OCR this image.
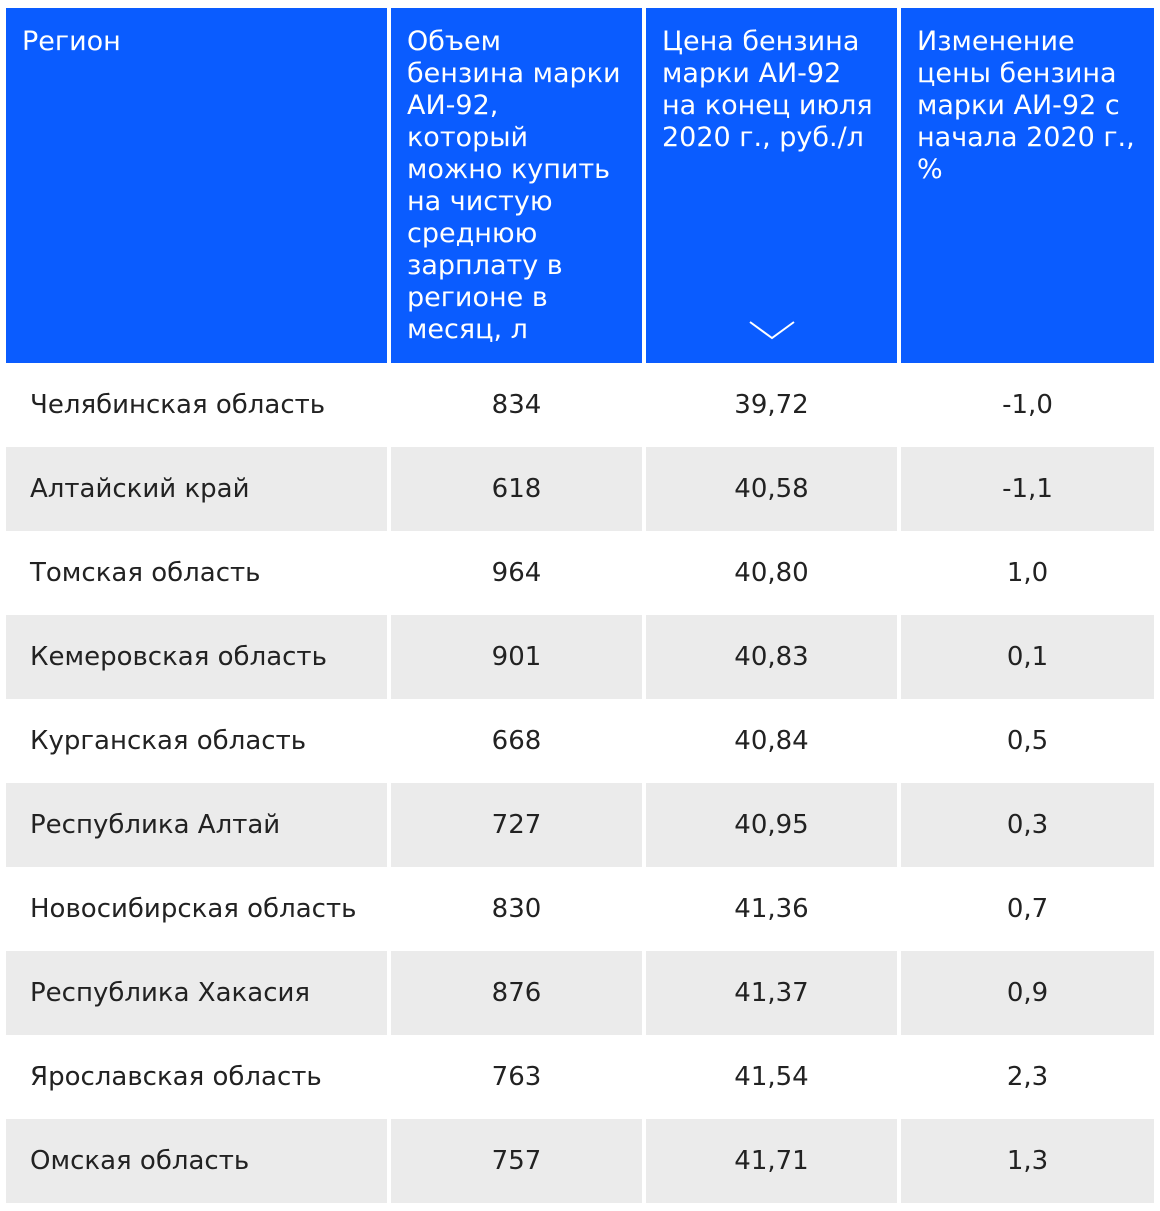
Регион	Объем бензина марки АИ-92, который можно купить на чистую среднюю зарплату в регионе в месяц, л	Цена бензина марки АИ-92 на конец июля 2020 г., руб./л	Изменение цены бензина марки АИ-92 с начала 2020 г., %
Челябинская область	834	39,72	-1,0
Алтайский край	618	40,58	-1,1
Томская область	964	40,80	1,0
Кемеровская область	901	40,83	0,1
Курганская область	668	40,84	0,5
Республика Алтай	727	40,95	0,3
Новосибирская область	830	41,36	0,7
Республика Хакасия	876	41,37	0,9
Ярославская область	763	41,54	2,3
Омская область	757	41,71	1,3
